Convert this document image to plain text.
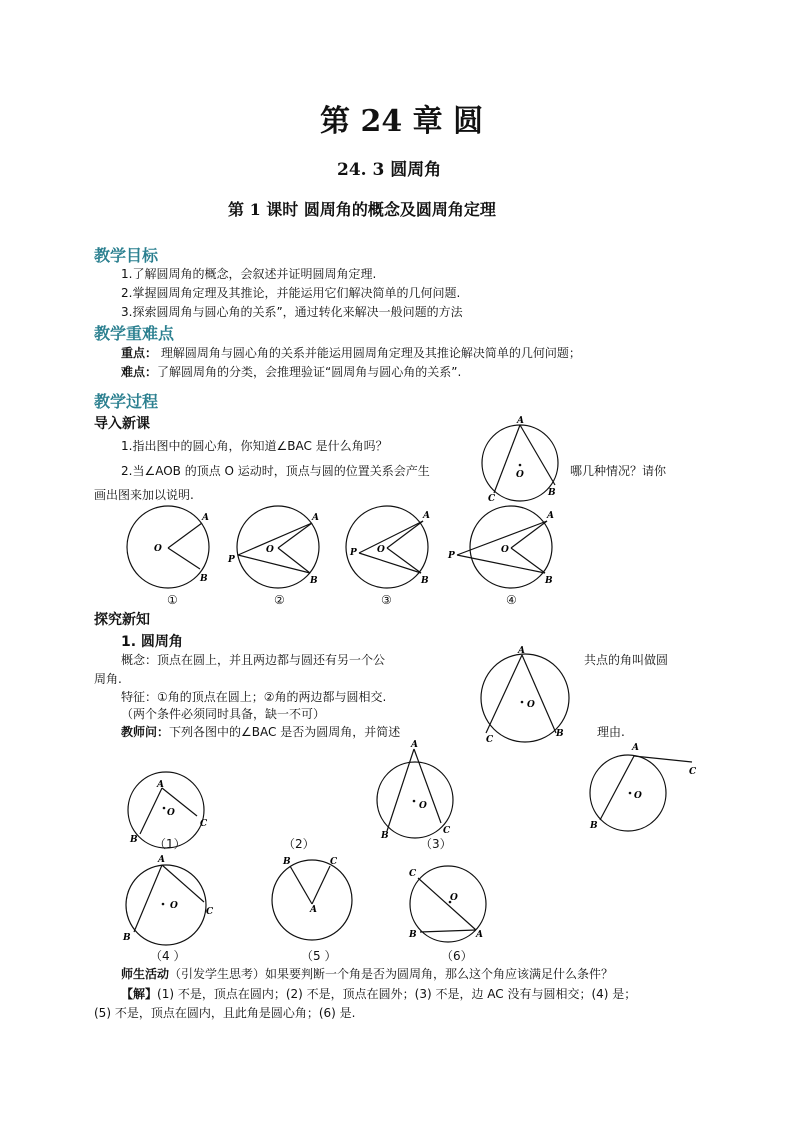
第 24 章 圆
24. 3 圆周角
第 1 课时 圆周角的概念及圆周角定理
教学目标
1.了解圆周角的概念，会叙述并证明圆周角定理.
2.掌握圆周角定理及其推论，并能运用它们解决简单的几何问题.
3.探索圆周角与圆心角的关系”，通过转化来解决一般问题的方法
教学重难点
重点： 理解圆周角与圆心角的关系并能运用圆周角定理及其推论解决简单的几何问题；
难点：了解圆周角的分类，会推理验证“圆周角与圆心角的关系”.
教学过程
导入新课
1.指出图中的圆心角，你知道∠BAC 是什么角吗？
2.当∠AOB 的顶点 O 运动时，顶点与圆的位置关系会产生	哪几种情况？请你
画出图来加以说明.
A
O
C
B
O
A
B
①
O
P
A
B
②
O
P
A
B
③
O
P
A
B
④
探究新知
1. 圆周角
概念：顶点在圆上，并且两边都与圆还有另一个公	共点的角叫做圆
周角.
特征：①角的顶点在圆上；②角的两边都与圆相交.
（两个条件必须同时具备，缺一不可）
教师问：下列各图中的∠BAC 是否为圆周角，并简述	理由.
A
O
C
B
A
O
B
C
（1）	（2）
A
O
B	C
（3）
A
O
B
C
A
O
B
C
（4 ）
B	C
A
（5 ）
C
O
B	A
（6）
师生活动（引发学生思考）如果要判断一个角是否为圆周角，那么这个角应该满足什么条件？
【解】(1) 不是，顶点在圆内；(2) 不是，顶点在圆外；(3) 不是，边 AC 没有与圆相交；(4) 是；
(5) 不是，顶点在圆内，且此角是圆心角；(6) 是.
